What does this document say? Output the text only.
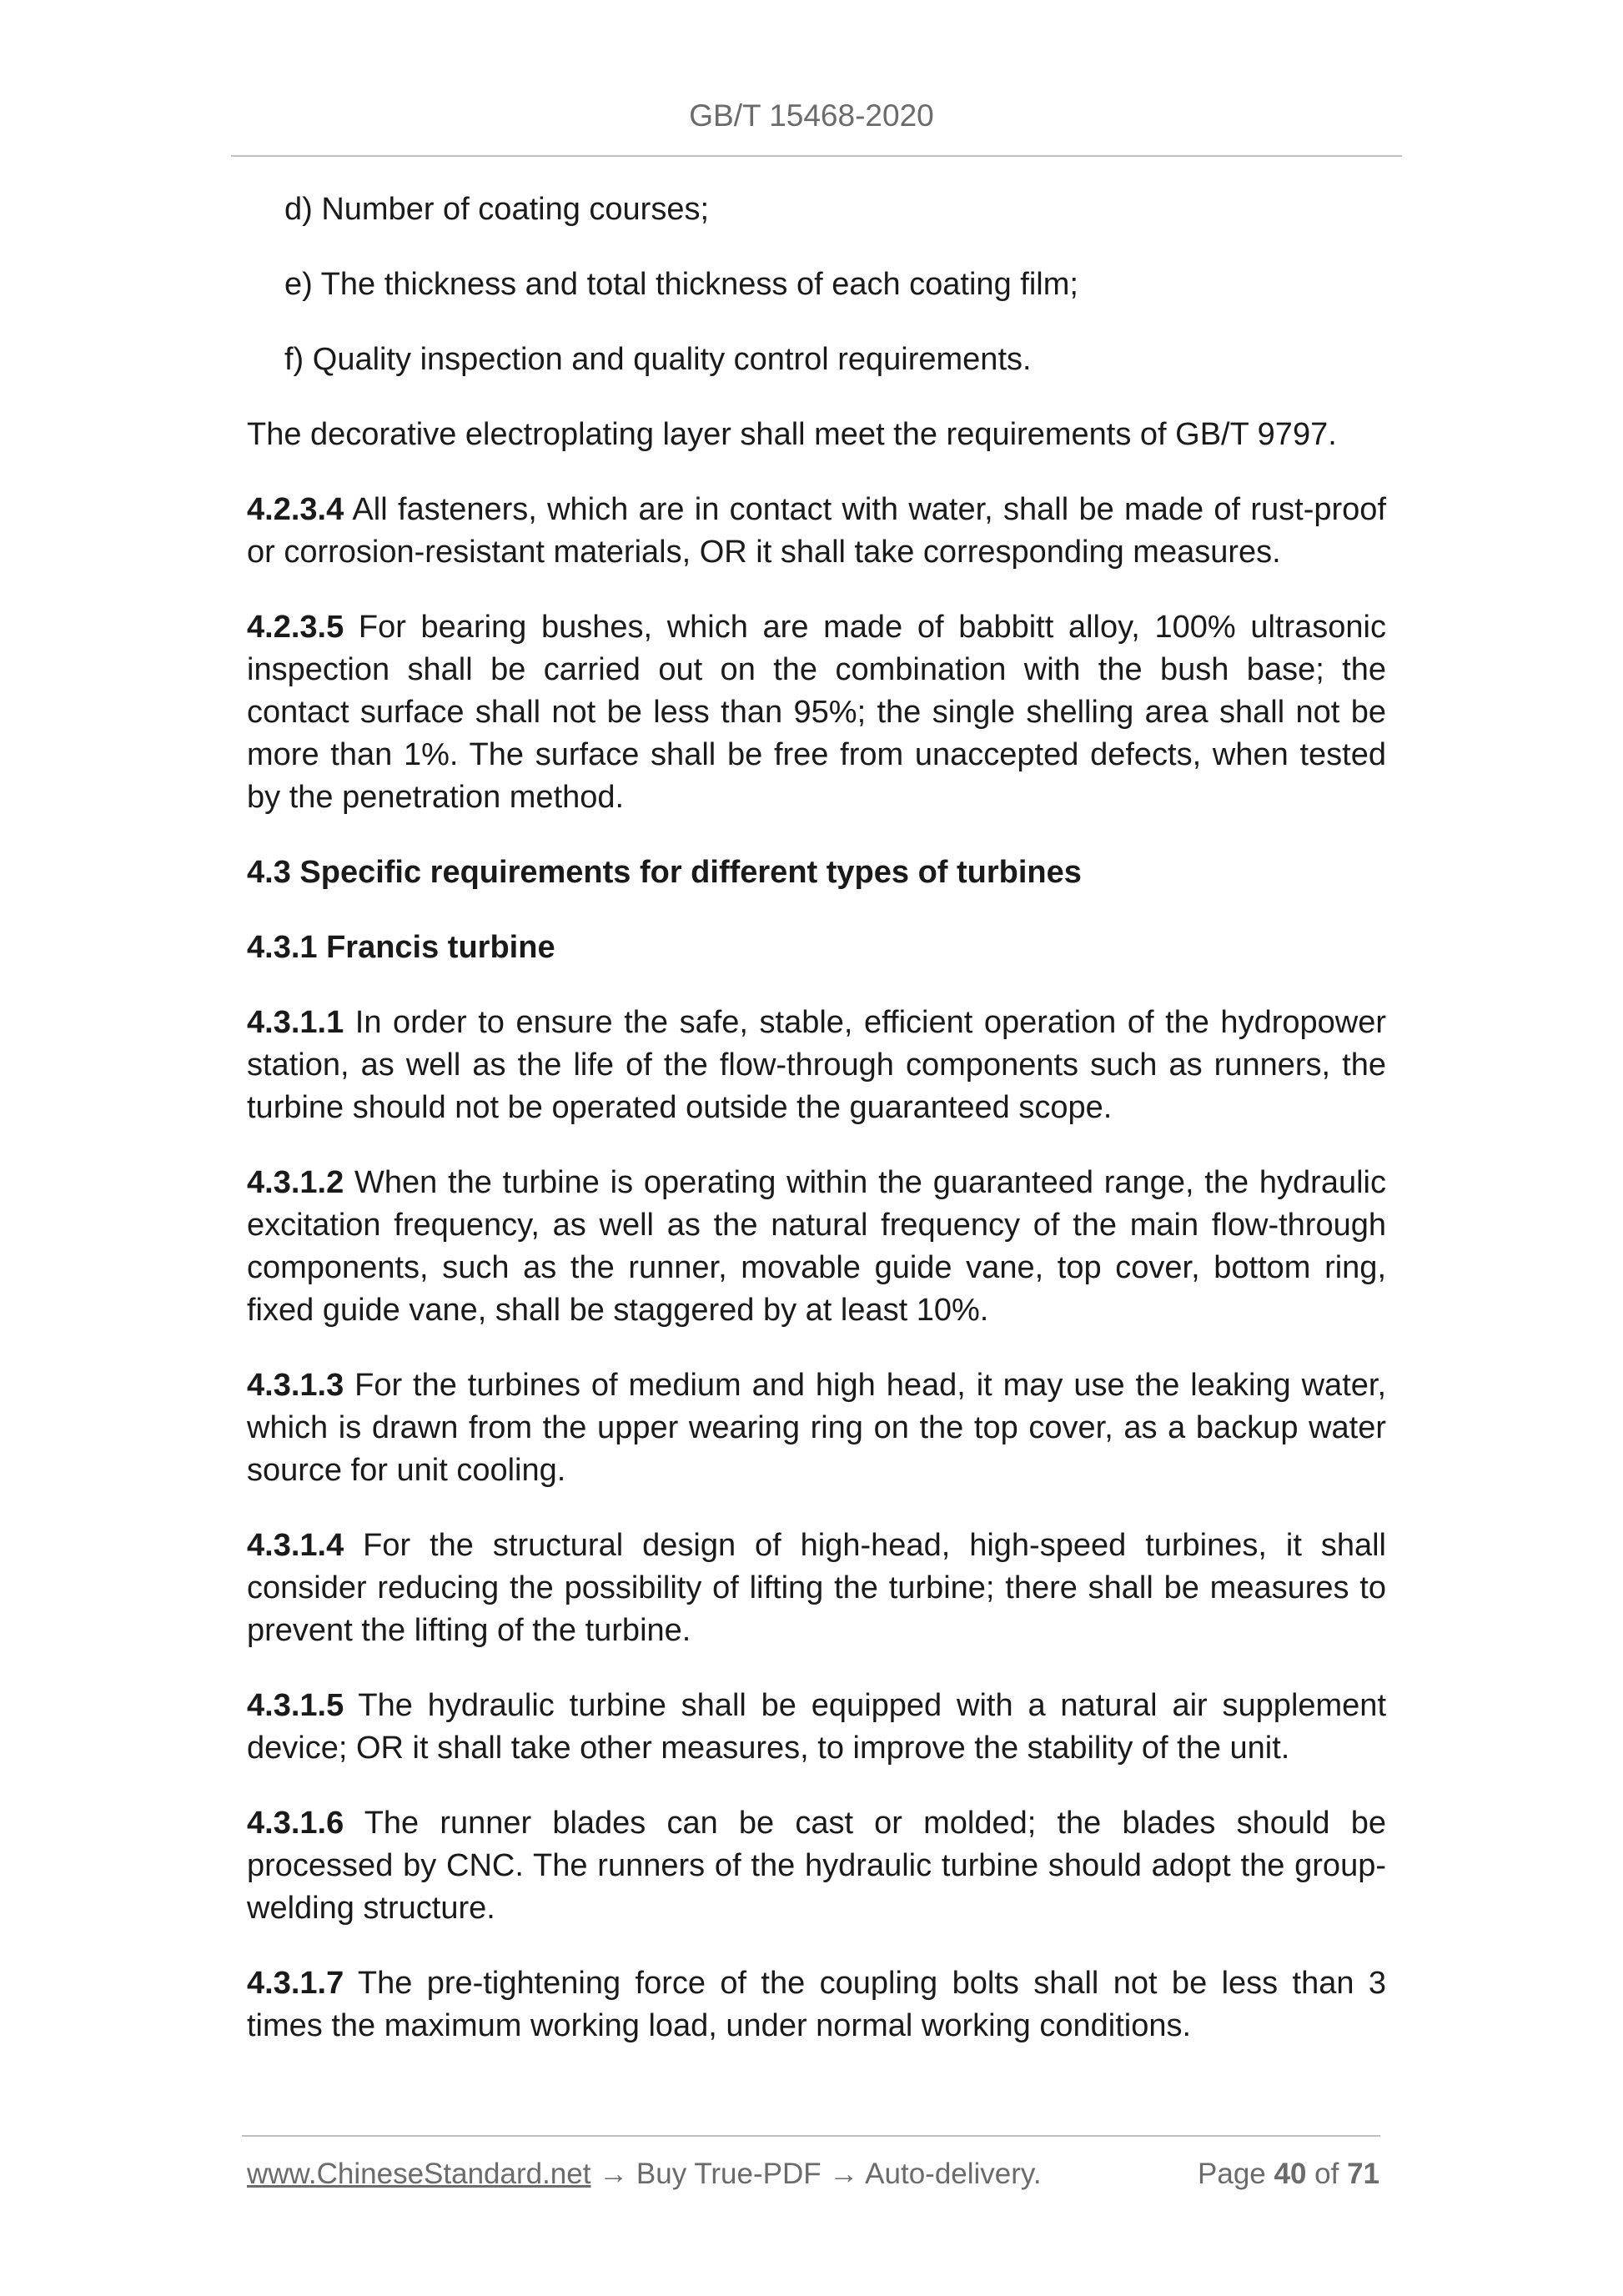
GB/T 15468-2020

d) Number of coating courses;

e) The thickness and total thickness of each coating film;

f) Quality inspection and quality control requirements.

The decorative electroplating layer shall meet the requirements of GB/T 9797.

4.2.3.4 All fasteners, which are in contact with water, shall be made of rust-proof or corrosion-resistant materials, OR it shall take corresponding measures.

4.2.3.5 For bearing bushes, which are made of babbitt alloy, 100% ultrasonic inspection shall be carried out on the combination with the bush base; the contact surface shall not be less than 95%; the single shelling area shall not be more than 1%. The surface shall be free from unaccepted defects, when tested by the penetration method.

4.3 Specific requirements for different types of turbines

4.3.1 Francis turbine

4.3.1.1 In order to ensure the safe, stable, efficient operation of the hydropower station, as well as the life of the flow-through components such as runners, the turbine should not be operated outside the guaranteed scope.

4.3.1.2 When the turbine is operating within the guaranteed range, the hydraulic excitation frequency, as well as the natural frequency of the main flow-through components, such as the runner, movable guide vane, top cover, bottom ring, fixed guide vane, shall be staggered by at least 10%.

4.3.1.3 For the turbines of medium and high head, it may use the leaking water, which is drawn from the upper wearing ring on the top cover, as a backup water source for unit cooling.

4.3.1.4 For the structural design of high-head, high-speed turbines, it shall consider reducing the possibility of lifting the turbine; there shall be measures to prevent the lifting of the turbine.

4.3.1.5 The hydraulic turbine shall be equipped with a natural air supplement device; OR it shall take other measures, to improve the stability of the unit.

4.3.1.6 The runner blades can be cast or molded; the blades should be processed by CNC. The runners of the hydraulic turbine should adopt the group-welding structure.

4.3.1.7 The pre-tightening force of the coupling bolts shall not be less than 3 times the maximum working load, under normal working conditions.

www.ChineseStandard.net → Buy True-PDF → Auto-delivery.	Page 40 of 71
